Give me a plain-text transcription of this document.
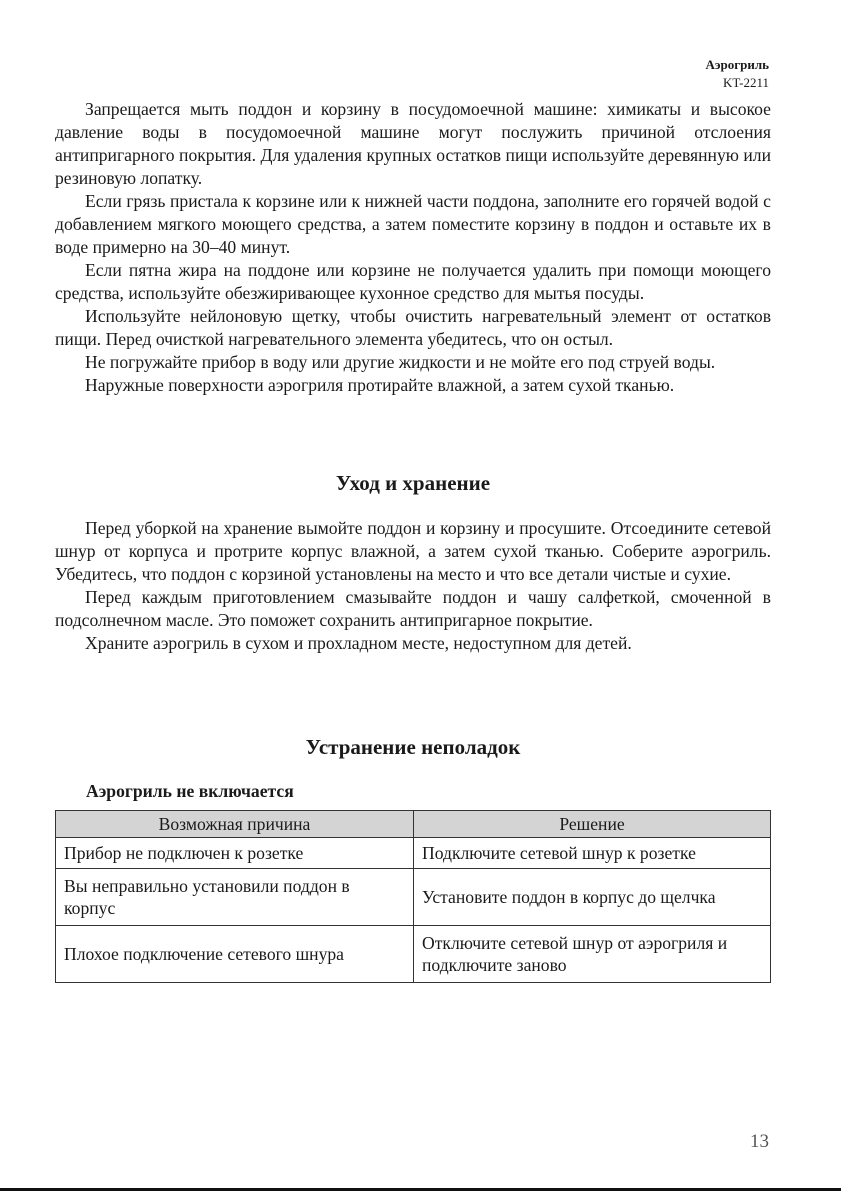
Аэрогриль
KT-2211

Запрещается мыть поддон и корзину в посудомоечной машине: химикаты и высокое давление воды в посудомоечной машине могут послужить причиной отслоения антипригарного покрытия. Для удаления крупных остатков пищи используйте деревянную или резиновую лопатку.

Если грязь пристала к корзине или к нижней части поддона, заполните его горячей водой с добавлением мягкого моющего средства, а затем поместите корзину в поддон и оставьте их в воде примерно на 30–40 минут.

Если пятна жира на поддоне или корзине не получается удалить при помощи моющего средства, используйте обезжиривающее кухонное средство для мытья посуды.

Используйте нейлоновую щетку, чтобы очистить нагревательный элемент от остатков пищи. Перед очисткой нагревательного элемента убедитесь, что он остыл.

Не погружайте прибор в воду или другие жидкости и не мойте его под струей воды.

Наружные поверхности аэрогриля протирайте влажной, а затем сухой тканью.

Уход и хранение

Перед уборкой на хранение вымойте поддон и корзину и просушите. Отсоедините сетевой шнур от корпуса и протрите корпус влажной, а затем сухой тканью. Соберите аэрогриль. Убедитесь, что поддон с корзиной установлены на место и что все детали чистые и сухие.

Перед каждым приготовлением смазывайте поддон и чашу салфеткой, смоченной в подсолнечном масле. Это поможет сохранить антипригарное покрытие.

Храните аэрогриль в сухом и прохладном месте, недоступном для детей.

Устранение неполадок
Аэрогриль не включается
Возможная причина	Решение
Прибор не подключен к розетке	Подключите сетевой шнур к розетке
Вы неправильно установили поддон в корпус	Установите поддон в корпус до щелчка
Плохое подключение сетевого шнура	Отключите сетевой шнур от аэрогриля и подключите заново
13
